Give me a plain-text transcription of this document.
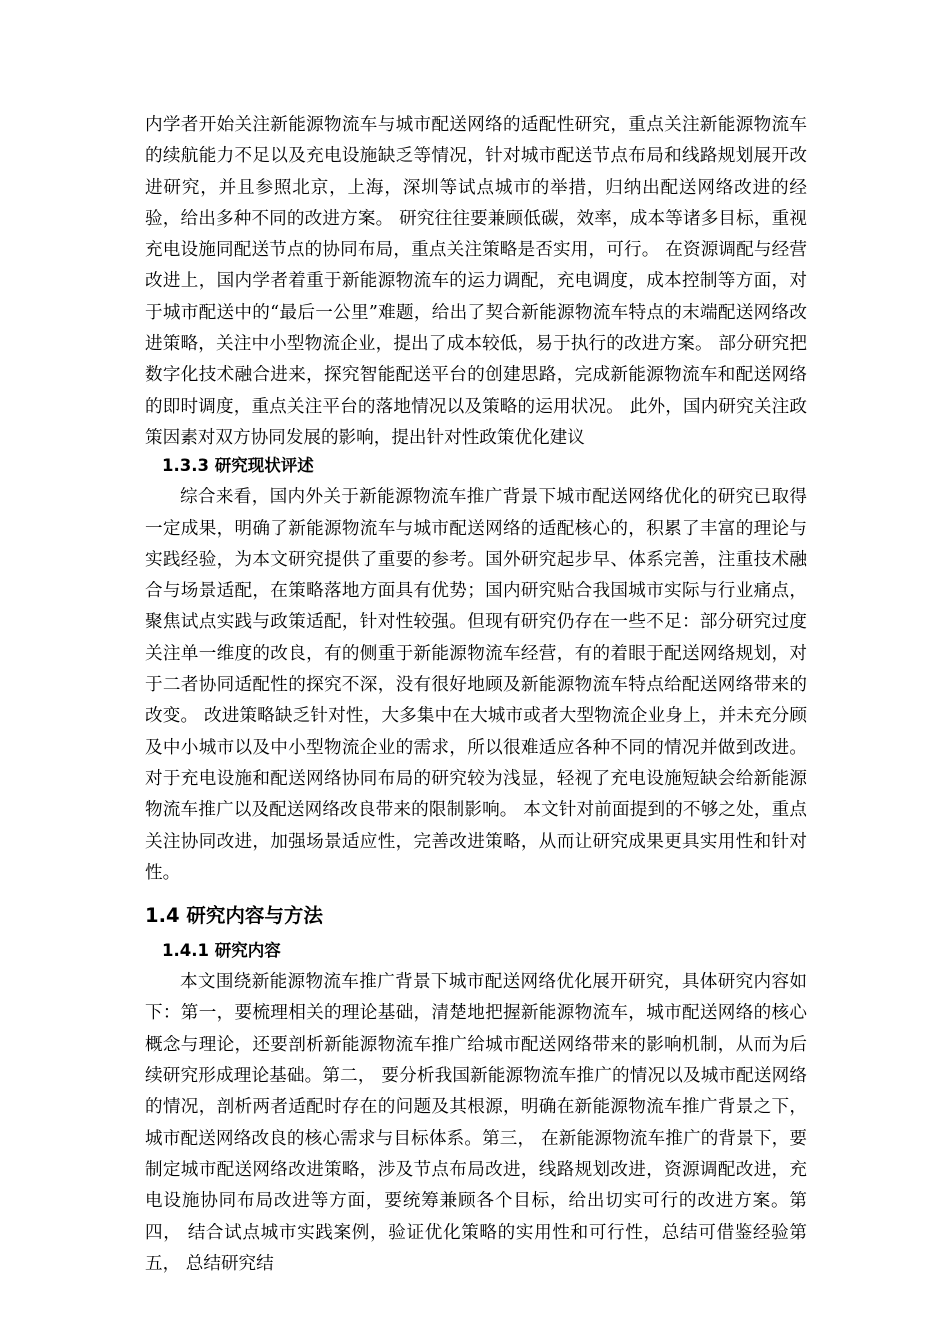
内学者开始关注新能源物流车与城市配送网络的适配性研究，重点关注新能源物流车的续航能力不足以及充电设施缺乏等情况，针对城市配送节点布局和线路规划展开改进研究，并且参照北京，上海，深圳等试点城市的举措，归纳出配送网络改进的经验，给出多种不同的改进方案。 研究往往要兼顾低碳，效率，成本等诸多目标，重视充电设施同配送节点的协同布局，重点关注策略是否实用，可行。 在资源调配与经营改进上，国内学者着重于新能源物流车的运力调配，充电调度，成本控制等方面，对于城市配送中的“最后一公里”难题，给出了契合新能源物流车特点的末端配送网络改进策略，关注中小型物流企业，提出了成本较低，易于执行的改进方案。 部分研究把数字化技术融合进来，探究智能配送平台的创建思路，完成新能源物流车和配送网络的即时调度，重点关注平台的落地情况以及策略的运用状况。 此外，国内研究关注政策因素对双方协同发展的影响，提出针对性政策优化建议

1.3.3 研究现状评述

综合来看，国内外关于新能源物流车推广背景下城市配送网络优化的研究已取得一定成果，明确了新能源物流车与城市配送网络的适配核心的，积累了丰富的理论与实践经验，为本文研究提供了重要的参考。国外研究起步早、体系完善，注重技术融合与场景适配，在策略落地方面具有优势；国内研究贴合我国城市实际与行业痛点，聚焦试点实践与政策适配，针对性较强。但现有研究仍存在一些不足：部分研究过度关注单一维度的改良，有的侧重于新能源物流车经营，有的着眼于配送网络规划，对于二者协同适配性的探究不深，没有很好地顾及新能源物流车特点给配送网络带来的改变。 改进策略缺乏针对性，大多集中在大城市或者大型物流企业身上，并未充分顾及中小城市以及中小型物流企业的需求，所以很难适应各种不同的情况并做到改进。 对于充电设施和配送网络协同布局的研究较为浅显，轻视了充电设施短缺会给新能源物流车推广以及配送网络改良带来的限制影响。 本文针对前面提到的不够之处，重点关注协同改进，加强场景适应性，完善改进策略，从而让研究成果更具实用性和针对性。

1.4 研究内容与方法
1.4.1 研究内容

本文围绕新能源物流车推广背景下城市配送网络优化展开研究，具体研究内容如下：第一，要梳理相关的理论基础，清楚地把握新能源物流车，城市配送网络的核心概念与理论，还要剖析新能源物流车推广给城市配送网络带来的影响机制，从而为后续研究形成理论基础。第二， 要分析我国新能源物流车推广的情况以及城市配送网络的情况，剖析两者适配时存在的问题及其根源，明确在新能源物流车推广背景之下，城市配送网络改良的核心需求与目标体系。第三， 在新能源物流车推广的背景下，要制定城市配送网络改进策略，涉及节点布局改进，线路规划改进，资源调配改进，充电设施协同布局改进等方面，要统筹兼顾各个目标，给出切实可行的改进方案。第四， 结合试点城市实践案例，验证优化策略的实用性和可行性，总结可借鉴经验第五， 总结研究结
